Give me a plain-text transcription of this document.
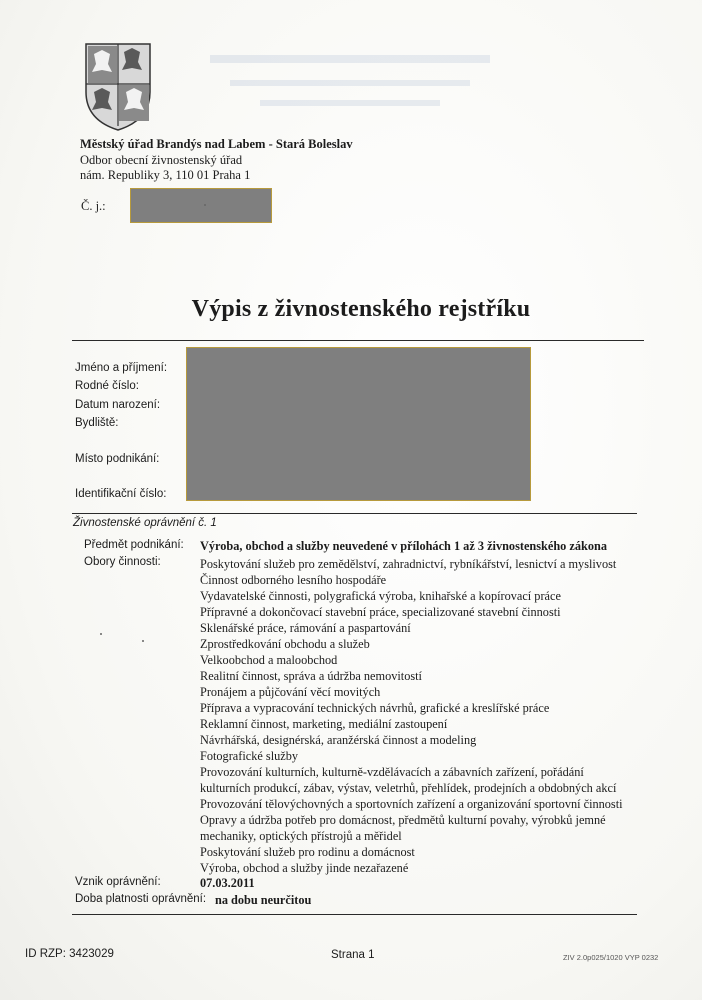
Městský úřad Brandýs nad Labem - Stará Boleslav
Odbor obecní živnostenský úřad
nám. Republiky 3, 110 01 Praha 1
Č. j.:
Výpis z živnostenského rejstříku
Jméno a příjmení:
Rodné číslo:
Datum narození:
Bydliště:
Místo podnikání:
Identifikační číslo:
Živnostenské oprávnění č. 1
Předmět podnikání: Výroba, obchod a služby neuvedené v přílohách 1 až 3 živnostenského zákona
Obory činnosti:	Poskytování služeb pro zemědělství, zahradnictví, rybníkářství, lesnictví a myslivost
Činnost odborného lesního hospodáře
Vydavatelské činnosti, polygrafická výroba, knihařské a kopírovací práce
Přípravné a dokončovací stavební práce, specializované stavební činnosti
Sklenářské práce, rámování a paspartování
Zprostředkování obchodu a služeb
Velkoobchod a maloobchod
Realitní činnost, správa a údržba nemovitostí
Pronájem a půjčování věcí movitých
Příprava a vypracování technických návrhů, grafické a kreslířské práce
Reklamní činnost, marketing, mediální zastoupení
Návrhářská, designérská, aranžérská činnost a modeling
Fotografické služby
Provozování kulturních, kulturně-vzdělávacích a zábavních zařízení, pořádání
kulturních produkcí, zábav, výstav, veletrhů, přehlídek, prodejních a obdobných akcí
Provozování tělovýchovných a sportovních zařízení a organizování sportovní činnosti
Opravy a údržba potřeb pro domácnost, předmětů kulturní povahy, výrobků jemné
mechaniky, optických přístrojů a měřidel
Poskytování služeb pro rodinu a domácnost
Výroba, obchod a služby jinde nezařazené
Vznik oprávnění:	07.03.2011
Doba platnosti oprávnění: na dobu neurčitou
ID RZP: 3423029	Strana 1	ZIV 2.0p025/1020 VYP 0232
